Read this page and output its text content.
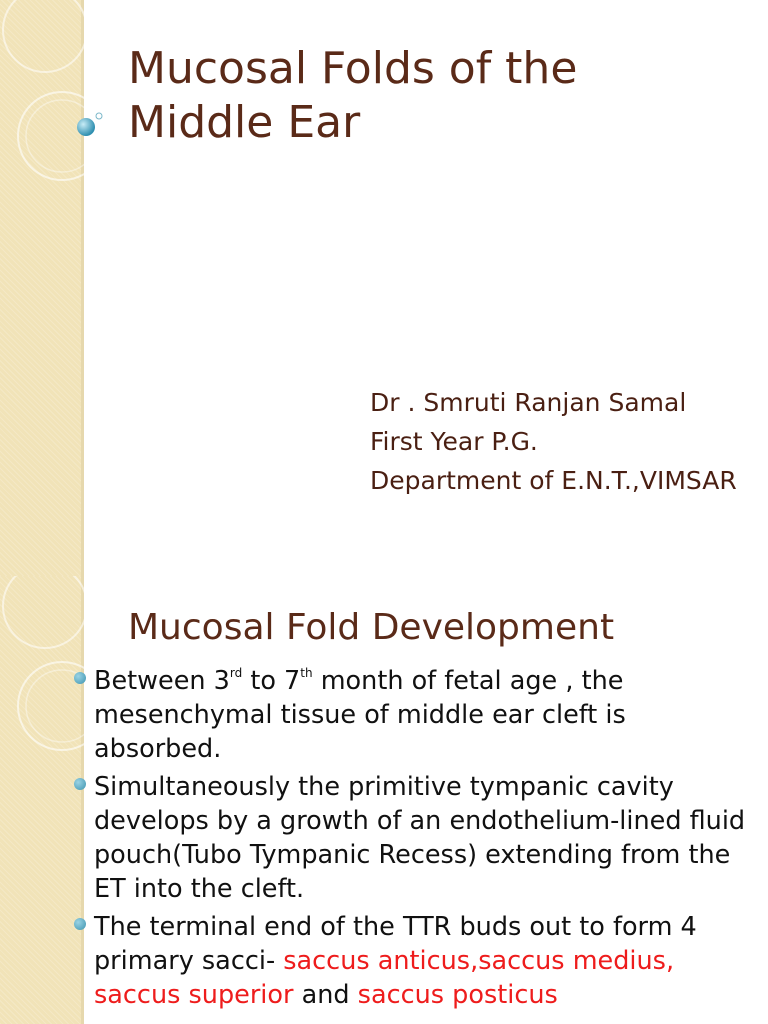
Mucosal Folds of the Middle Ear

Dr . Smruti Ranjan Samal

First Year P.G.

Department of E.N.T.,VIMSAR

Mucosal Fold Development
Between 3rd to 7th month of fetal age , the mesenchymal tissue of middle ear cleft is absorbed.
Simultaneously the primitive tympanic cavity develops by a growth of an endothelium-lined fluid pouch(Tubo Tympanic Recess) extending from the ET into the cleft.
The terminal end of the TTR buds out to form 4 primary sacci- saccus anticus,saccus medius, saccus superior and saccus posticus
